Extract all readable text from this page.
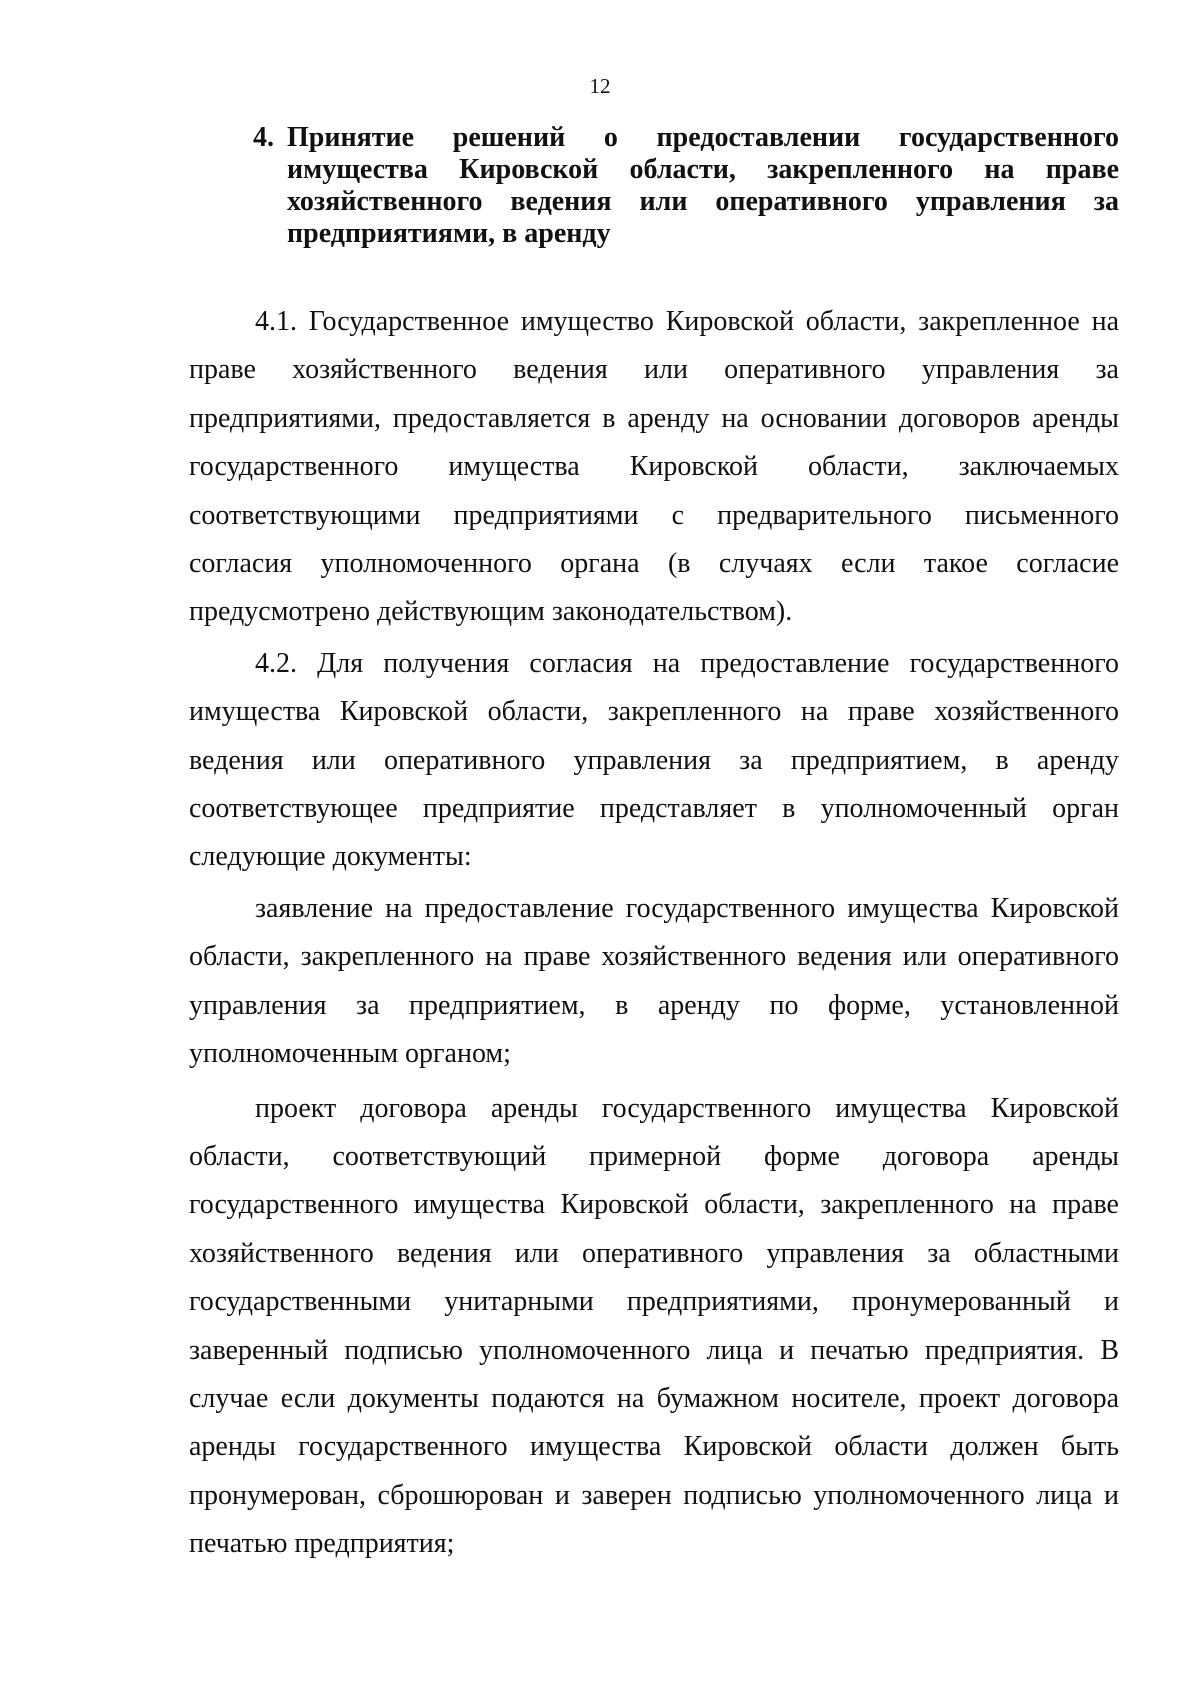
12
4. Принятие решений о предоставлении государственного имущества Кировской области, закрепленного на праве хозяйственного ведения или оперативного управления за предприятиями, в аренду

4.1. Государственное имущество Кировской области, закрепленное на праве хозяйственного ведения или оперативного управления за предприятиями, предоставляется в аренду на основании договоров аренды государственного имущества Кировской области, заключаемых соответствующими предприятиями с предварительного письменного согласия уполномоченного органа (в случаях если такое согласие предусмотрено действующим законодательством).

4.2. Для получения согласия на предоставление государственного имущества Кировской области, закрепленного на праве хозяйственного ведения или оперативного управления за предприятием, в аренду соответствующее предприятие представляет в уполномоченный орган следующие документы:

заявление на предоставление государственного имущества Кировской области, закрепленного на праве хозяйственного ведения или оперативного управления за предприятием, в аренду по форме, установленной уполномоченным органом;

проект договора аренды государственного имущества Кировской области, соответствующий примерной форме договора аренды государственного имущества Кировской области, закрепленного на праве хозяйственного ведения или оперативного управления за областными государственными унитарными предприятиями, пронумерованный и заверенный подписью уполномоченного лица и печатью предприятия. В случае если документы подаются на бумажном носителе, проект договора аренды государственного имущества Кировской области должен быть пронумерован, сброшюрован и заверен подписью уполномоченного лица и печатью предприятия;
